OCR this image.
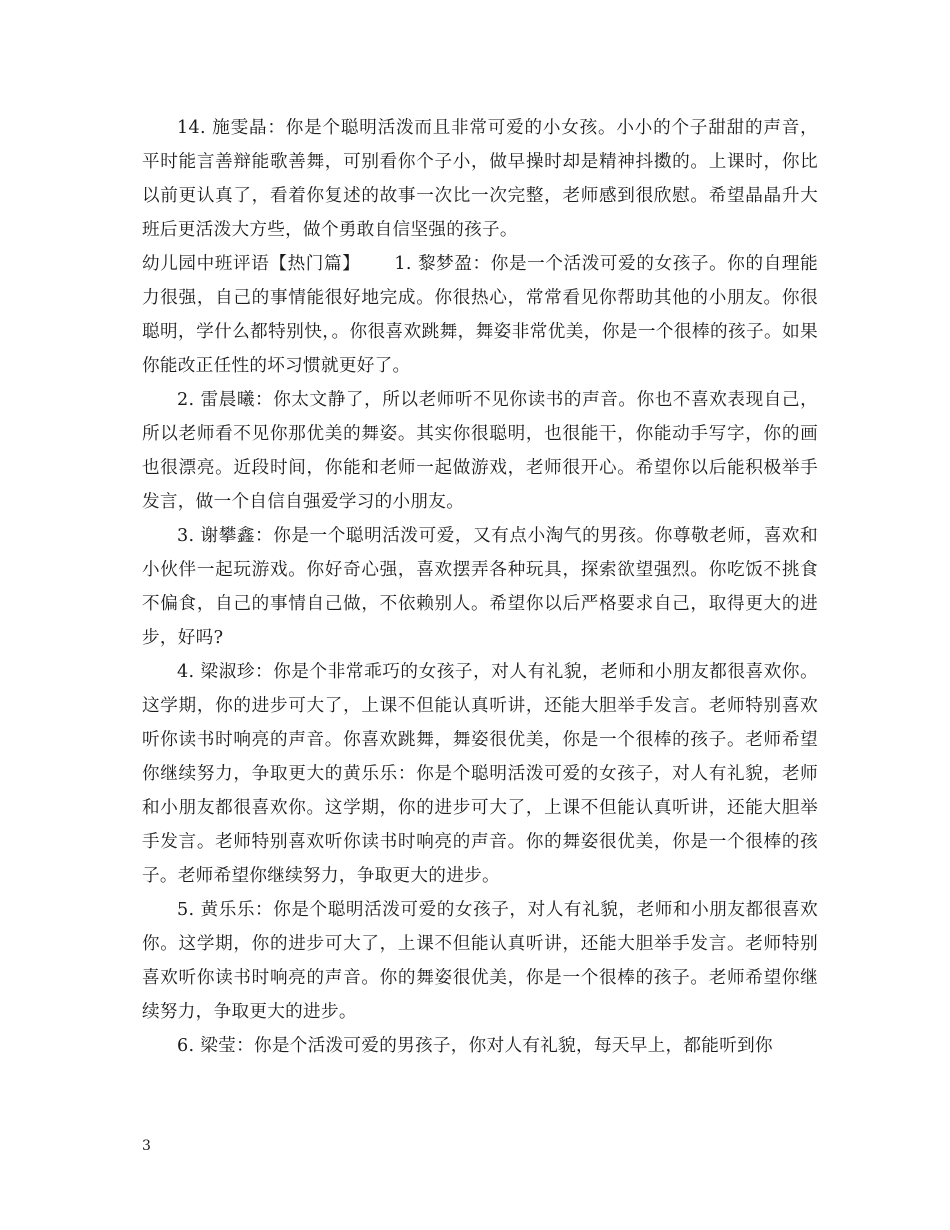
14. 施雯晶：你是个聪明活泼而且非常可爱的小女孩。小小的个子甜甜的声音，平时能言善辩能歌善舞，可别看你个子小，做早操时却是精神抖擞的。上课时，你比以前更认真了，看着你复述的故事一次比一次完整，老师感到很欣慰。希望晶晶升大班后更活泼大方些，做个勇敢自信坚强的孩子。

幼儿园中班评语【热门篇】 1. 黎梦盈：你是一个活泼可爱的女孩子。你的自理能力很强，自己的事情能很好地完成。你很热心，常常看见你帮助其他的小朋友。你很聪明，学什么都特别快，。你很喜欢跳舞，舞姿非常优美，你是一个很棒的孩子。如果你能改正任性的坏习惯就更好了。

2. 雷晨曦：你太文静了，所以老师听不见你读书的声音。你也不喜欢表现自己，所以老师看不见你那优美的舞姿。其实你很聪明，也很能干，你能动手写字，你的画也很漂亮。近段时间，你能和老师一起做游戏，老师很开心。希望你以后能积极举手发言，做一个自信自强爱学习的小朋友。

3. 谢攀鑫：你是一个聪明活泼可爱，又有点小淘气的男孩。你尊敬老师，喜欢和小伙伴一起玩游戏。你好奇心强，喜欢摆弄各种玩具，探索欲望强烈。你吃饭不挑食不偏食，自己的事情自己做，不依赖别人。希望你以后严格要求自己，取得更大的进步，好吗?

4. 梁淑珍：你是个非常乖巧的女孩子，对人有礼貌，老师和小朋友都很喜欢你。这学期，你的进步可大了，上课不但能认真听讲，还能大胆举手发言。老师特别喜欢听你读书时响亮的声音。你喜欢跳舞，舞姿很优美，你是一个很棒的孩子。老师希望你继续努力，争取更大的黄乐乐：你是个聪明活泼可爱的女孩子，对人有礼貌，老师和小朋友都很喜欢你。这学期，你的进步可大了，上课不但能认真听讲，还能大胆举手发言。老师特别喜欢听你读书时响亮的声音。你的舞姿很优美，你是一个很棒的孩子。老师希望你继续努力，争取更大的进步。

5. 黄乐乐：你是个聪明活泼可爱的女孩子，对人有礼貌，老师和小朋友都很喜欢你。这学期，你的进步可大了，上课不但能认真听讲，还能大胆举手发言。老师特别喜欢听你读书时响亮的声音。你的舞姿很优美，你是一个很棒的孩子。老师希望你继续努力，争取更大的进步。

6. 梁莹：你是个活泼可爱的男孩子，你对人有礼貌，每天早上，都能听到你

3
